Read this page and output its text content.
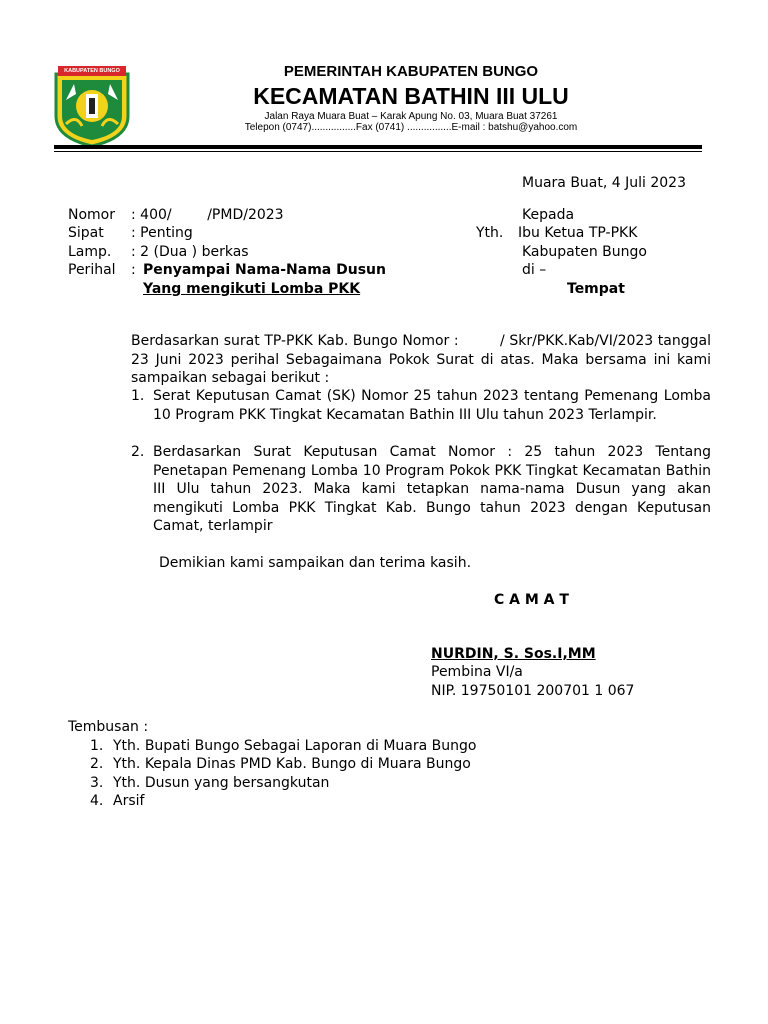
KABUPATEN BUNGO	PEMERINTAH KABUPATEN BUNGO
KECAMATAN BATHIN III ULU
Jalan Raya Muara Buat – Karak Apung No. 03, Muara Buat 37261
Telepon (0747)................Fax (0741) ................E-mail : batshu@yahoo.com
Muara Buat, 4 Juli 2023
Nomor : 400/        /PMD/2023
Sipat : Penting
Lamp. : 2 (Dua ) berkas
Perihal : Penyampai Nama-Nama Dusun
Yang mengikuti Lomba PKK
Kepada
Yth. Ibu Ketua TP-PKK
Kabupaten Bungo
di –
Tempat
Berdasarkan surat TP-PKK Kab. Bungo Nomor :         / Skr/PKK.Kab/VI/2023 tanggal 23 Juni 2023 perihal Sebagaimana Pokok Surat di atas. Maka bersama ini kami sampaikan sebagai berikut :
1. Serat Keputusan Camat (SK) Nomor 25 tahun 2023 tentang Pemenang Lomba 10 Program PKK Tingkat Kecamatan Bathin III Ulu tahun 2023 Terlampir.
2. Berdasarkan Surat Keputusan Camat Nomor : 25 tahun 2023 Tentang Penetapan Pemenang Lomba 10 Program Pokok PKK Tingkat Kecamatan Bathin III Ulu tahun 2023. Maka kami tetapkan nama-nama Dusun yang akan mengikuti Lomba PKK Tingkat Kab. Bungo tahun 2023 dengan Keputusan Camat, terlampir
Demikian kami sampaikan dan terima kasih.
C A M A T
NURDIN, S. Sos.I,MM
Pembina VI/a
NIP. 19750101 200701 1 067
Tembusan :
1. Yth. Bupati Bungo Sebagai Laporan di Muara Bungo
2. Yth. Kepala Dinas PMD Kab. Bungo di Muara Bungo
3. Yth. Dusun yang bersangkutan
4. Arsif
